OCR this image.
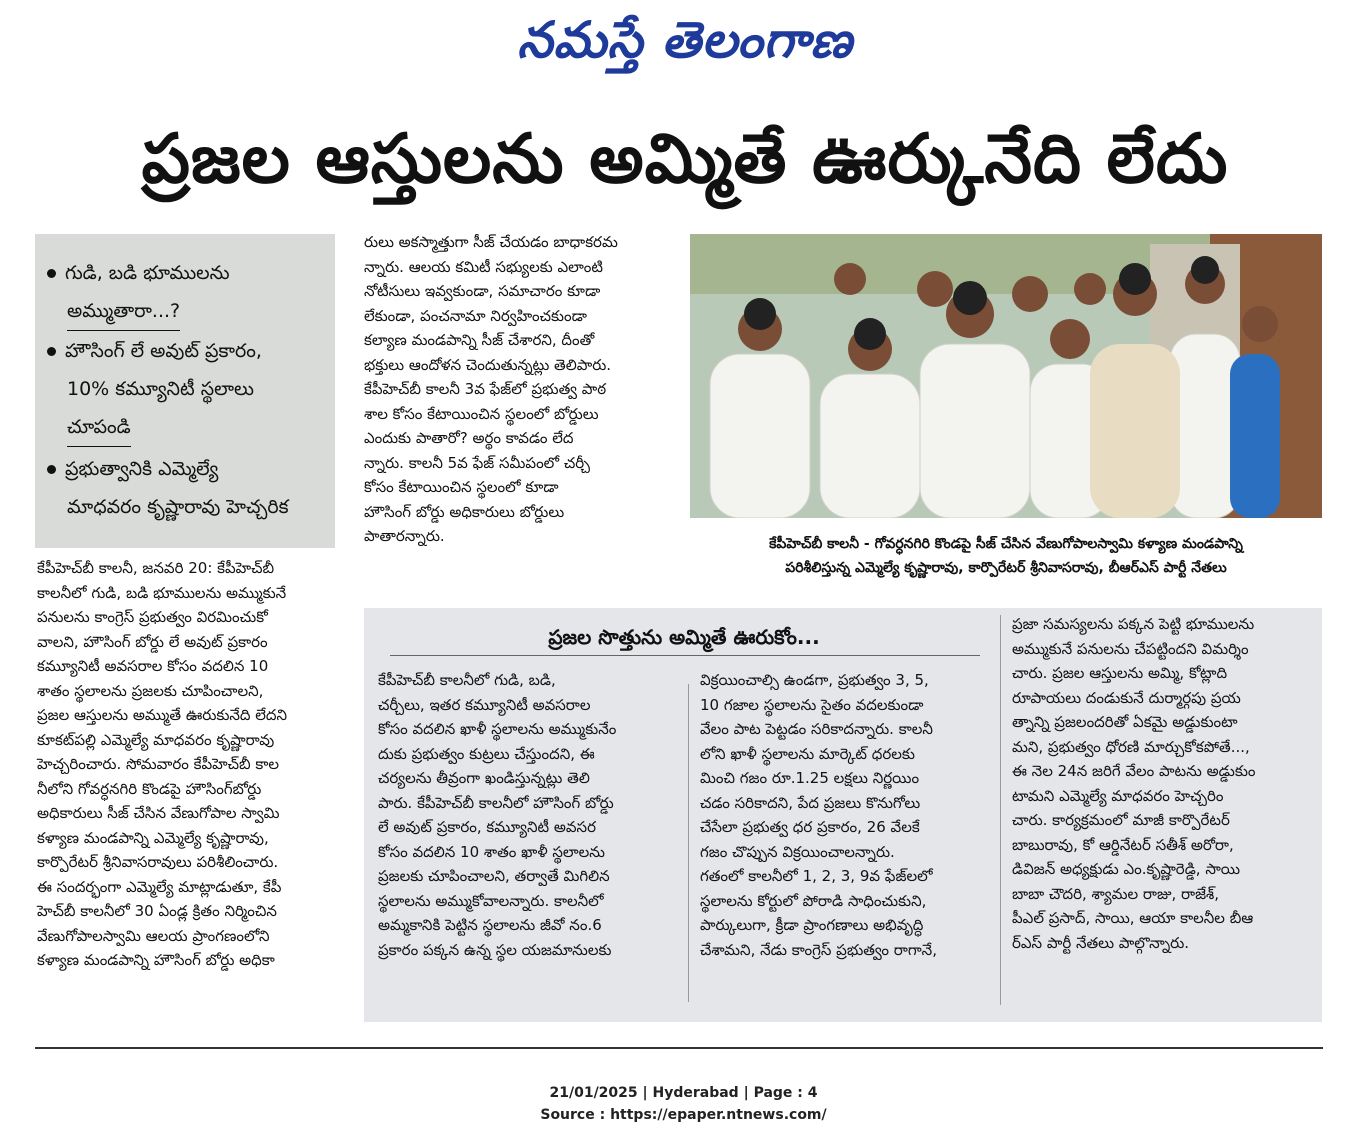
నమస్తే తెలంగాణ
ప్రజల ఆస్తులను అమ్మితే ఊర్కునేది లేదు
గుడి, బడి భూములను
అమ్ముతారా...?
హౌసింగ్ లే అవుట్ ప్రకారం,
10% కమ్యూనిటీ స్థలాలు
చూపండి
ప్రభుత్వానికి ఎమ్మెల్యే
మాధవరం కృష్ణారావు హెచ్చరిక

కేపీహెచ్‌బీ కాలనీ, జనవరి 20: కేపీహెచ్‌బీ

కాలనీలో గుడి, బడి భూములను అమ్ముకునే

పనులను కాంగ్రెస్ ప్రభుత్వం విరమించుకో

వాలని, హౌసింగ్ బోర్డు లే అవుట్ ప్రకారం

కమ్యూనిటీ అవసరాల కోసం వదలిన 10

శాతం స్థలాలను ప్రజలకు చూపించాలని,

ప్రజల ఆస్తులను అమ్ముతే ఊరుకునేది లేదని

కూకట్‌పల్లి ఎమ్మెల్యే మాధవరం కృష్ణారావు

హెచ్చరించారు. సోమవారం కేపీహెచ్‌బీ కాల

నీలోని గోవర్ధనగిరి కొండపై హౌసింగ్‌బోర్డు

అధికారులు సీజ్ చేసిన వేణుగోపాల స్వామి

కళ్యాణ మండపాన్ని ఎమ్మెల్యే కృష్ణారావు,

కార్పొరేటర్ శ్రీనివాసరావులు పరిశీలించారు.

ఈ సందర్భంగా ఎమ్మెల్యే మాట్లాడుతూ, కేపీ

హెచ్‌బీ కాలనీలో 30 ఏండ్ల క్రితం నిర్మించిన

వేణుగోపాలస్వామి ఆలయ ప్రాంగణంలోని

కళ్యాణ మండపాన్ని హౌసింగ్ బోర్డు అధికా

రులు అకస్మాత్తుగా సీజ్ చేయడం బాధాకరమ

న్నారు. ఆలయ కమిటీ సభ్యులకు ఎలాంటి

నోటీసులు ఇవ్వకుండా, సమాచారం కూడా

లేకుండా, పంచనామా నిర్వహించకుండా

కల్యాణ మండపాన్ని సీజ్ చేశారని, దీంతో

భక్తులు ఆందోళన చెందుతున్నట్లు తెలిపారు.

కేపీహెచ్‌బీ కాలనీ 3వ ఫేజ్‌లో ప్రభుత్వ పాఠ

శాల కోసం కేటాయించిన స్థలంలో బోర్డులు

ఎందుకు పాతారో? అర్థం కావడం లేద

న్నారు. కాలనీ 5వ ఫేజ్ సమీపంలో చర్చీ

కోసం కేటాయించిన స్థలంలో కూడా

హౌసింగ్ బోర్డు అధికారులు బోర్డులు

పాతారన్నారు.	కేపీహెచ్‌బీ కాలనీ - గోవర్ధనగిరి కొండపై సీజ్ చేసిన వేణుగోపాలస్వామి కళ్యాణ మండపాన్ని
పరిశీలిస్తున్న ఎమ్మెల్యే కృష్ణారావు, కార్పొరేటర్ శ్రీనివాసరావు, బీఆర్ఎస్ పార్టీ నేతలు
ప్రజల సొత్తును అమ్మితే ఊరుకోం...

కేపీహెచ్‌బీ కాలనీలో గుడి, బడి,

చర్చీలు, ఇతర కమ్యూనిటీ అవసరాల

కోసం వదలిన ఖాళీ స్థలాలను అమ్ముకునేం

దుకు ప్రభుత్వం కుట్రలు చేస్తుందని, ఈ

చర్యలను తీవ్రంగా ఖండిస్తున్నట్లు తెలి

పారు. కేపీహెచ్‌బీ కాలనీలో హౌసింగ్ బోర్డు

లే అవుట్ ప్రకారం, కమ్యూనిటీ అవసర

కోసం వదలిన 10 శాతం ఖాళీ స్థలాలను

ప్రజలకు చూపించాలని, తర్వాతే మిగిలిన

స్థలాలను అమ్ముకోవాలన్నారు. కాలనీలో

అమ్మకానికి పెట్టిన స్థలాలను జీవో నం.6

ప్రకారం పక్కన ఉన్న స్థల యజమానులకు

విక్రయించాల్సి ఉండగా, ప్రభుత్వం 3, 5,

10 గజాల స్థలాలను సైతం వదలకుండా

వేలం పాట పెట్టడం సరికాదన్నారు. కాలనీ

లోని ఖాళీ స్థలాలను మార్కెట్ ధరలకు

మించి గజం రూ.1.25 లక్షలు నిర్ణయిం

చడం సరికాదని, పేద ప్రజలు కొనుగోలు

చేసేలా ప్రభుత్వ ధర ప్రకారం, 26 వేలకే

గజం చొప్పున విక్రయించాలన్నారు.

గతంలో కాలనీలో 1, 2, 3, 9వ ఫేజ్‌లలో

స్థలాలను కోర్టులో పోరాడి సాధించుకుని,

పార్కులుగా, క్రీడా ప్రాంగణాలు అభివృద్ధి

చేశామని, నేడు కాంగ్రెస్ ప్రభుత్వం రాగానే,

ప్రజా సమస్యలను పక్కన పెట్టి భూములను

అమ్ముకునే పనులను చేపట్టిందని విమర్శిం

చారు. ప్రజల ఆస్తులను అమ్మి, కోట్లాది

రూపాయలు దండుకునే దుర్మార్గపు ప్రయ

త్నాన్ని ప్రజలందరితో ఏకమై అడ్డుకుంటా

మని, ప్రభుత్వం ధోరణి మార్చుకోకపోతే...,

ఈ నెల 24న జరిగే వేలం పాటను అడ్డుకుం

టామని ఎమ్మెల్యే మాధవరం హెచ్చరిం

చారు. కార్యక్రమంలో మాజీ కార్పొరేటర్

బాబురావు, కో ఆర్డినేటర్ సతీశ్ అరోరా,

డివిజన్ అధ్యక్షుడు ఎం.కృష్ణారెడ్డి, సాయి

బాబా చౌదరి, శ్యామల రాజు, రాజేశ్,

పీఎల్ ప్రసాద్, సాయి, ఆయా కాలనీల బీఆ

ర్ఎస్ పార్టీ నేతలు పాల్గొన్నారు.

21/01/2025 | Hyderabad | Page : 4
Source : https://epaper.ntnews.com/
